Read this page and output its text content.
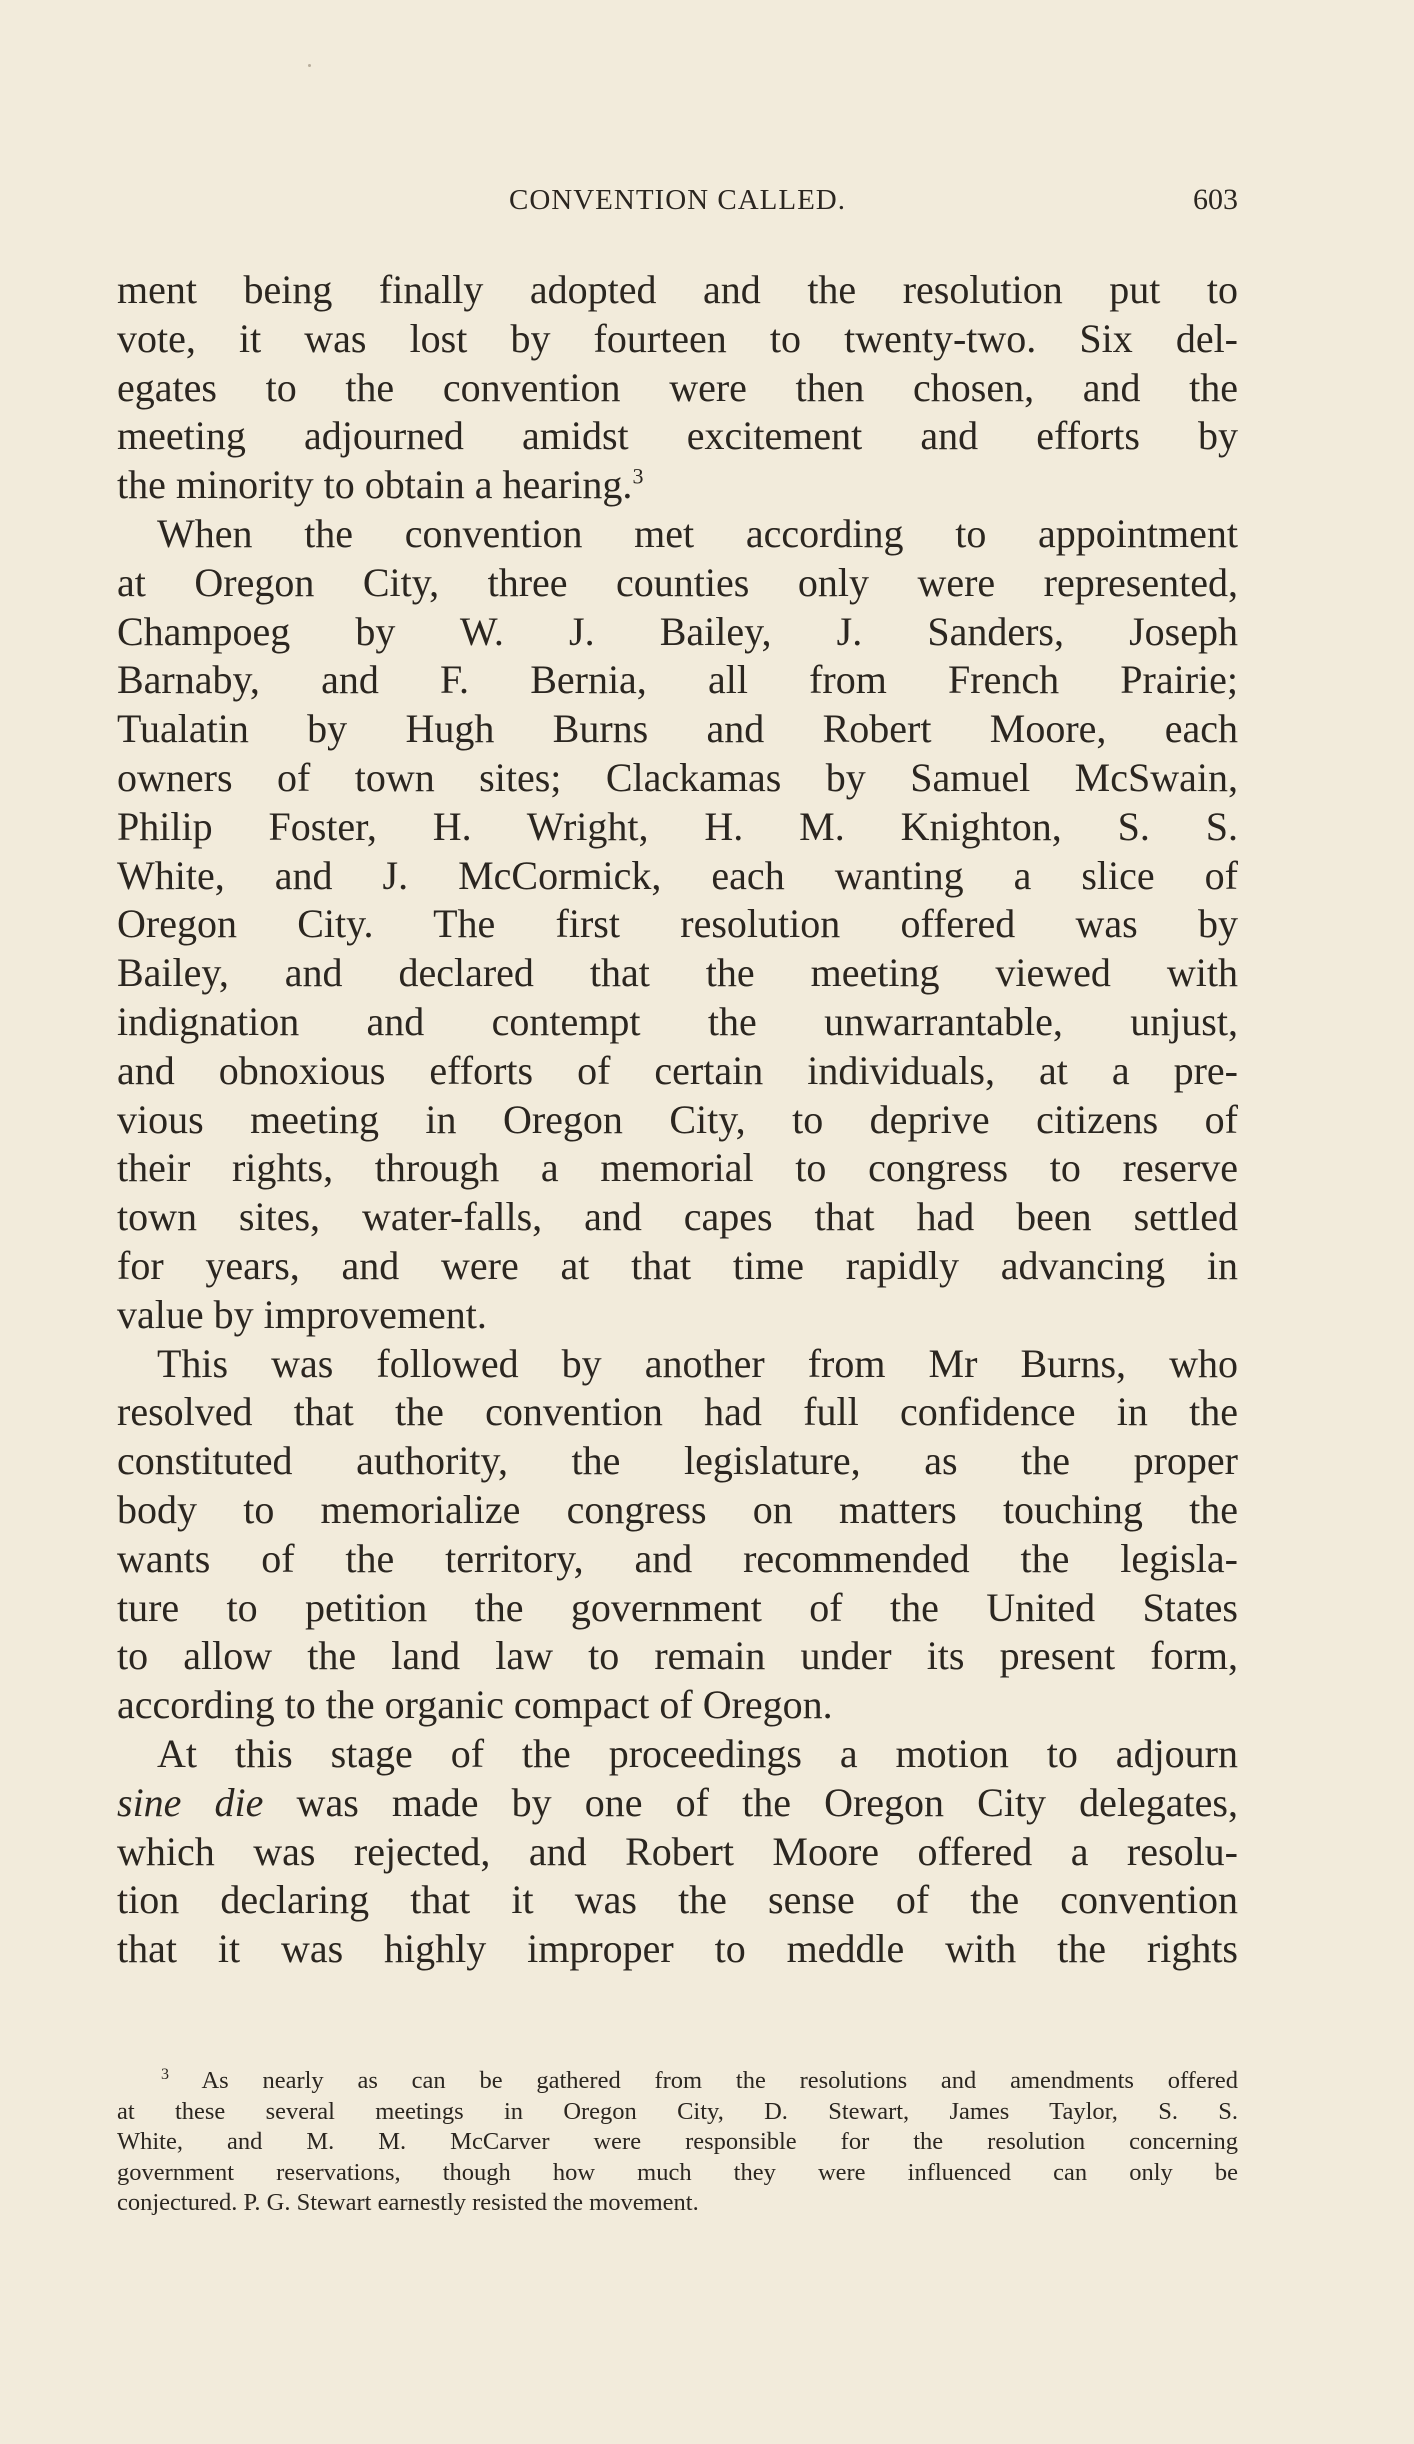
CONVENTION CALLED.	603
ment being finally adopted and the resolution put to
vote, it was lost by fourteen to twenty-two. Six del-
egates to the convention were then chosen, and the
meeting adjourned amidst excitement and efforts by
the minority to obtain a hearing.$^3$
When the convention met according to appointment
at Oregon City, three counties only were represented,
Champoeg by W. J. Bailey, J. Sanders, Joseph
Barnaby, and F. Bernia, all from French Prairie;
Tualatin by Hugh Burns and Robert Moore, each
owners of town sites; Clackamas by Samuel McSwain,
Philip Foster, H. Wright, H. M. Knighton, S. S.
White, and J. McCormick, each wanting a slice of
Oregon City. The first resolution offered was by
Bailey, and declared that the meeting viewed with
indignation and contempt the unwarrantable, unjust,
and obnoxious efforts of certain individuals, at a pre-
vious meeting in Oregon City, to deprive citizens of
their rights, through a memorial to congress to reserve
town sites, water-falls, and capes that had been settled
for years, and were at that time rapidly advancing in
value by improvement.
This was followed by another from Mr Burns, who
resolved that the convention had full confidence in the
constituted authority, the legislature, as the proper
body to memorialize congress on matters touching the
wants of the territory, and recommended the legisla-
ture to petition the government of the United States
to allow the land law to remain under its present form,
according to the organic compact of Oregon.
At this stage of the proceedings a motion to adjourn
sine die was made by one of the Oregon City delegates,
which was rejected, and Robert Moore offered a resolu-
tion declaring that it was the sense of the convention
that it was highly improper to meddle with the rights
$^3$ As nearly as can be gathered from the resolutions and amendments offered
at these several meetings in Oregon City, D. Stewart, James Taylor, S. S.
White, and M. M. McCarver were responsible for the resolution concerning
government reservations, though how much they were influenced can only be
conjectured. P. G. Stewart earnestly resisted the movement.
